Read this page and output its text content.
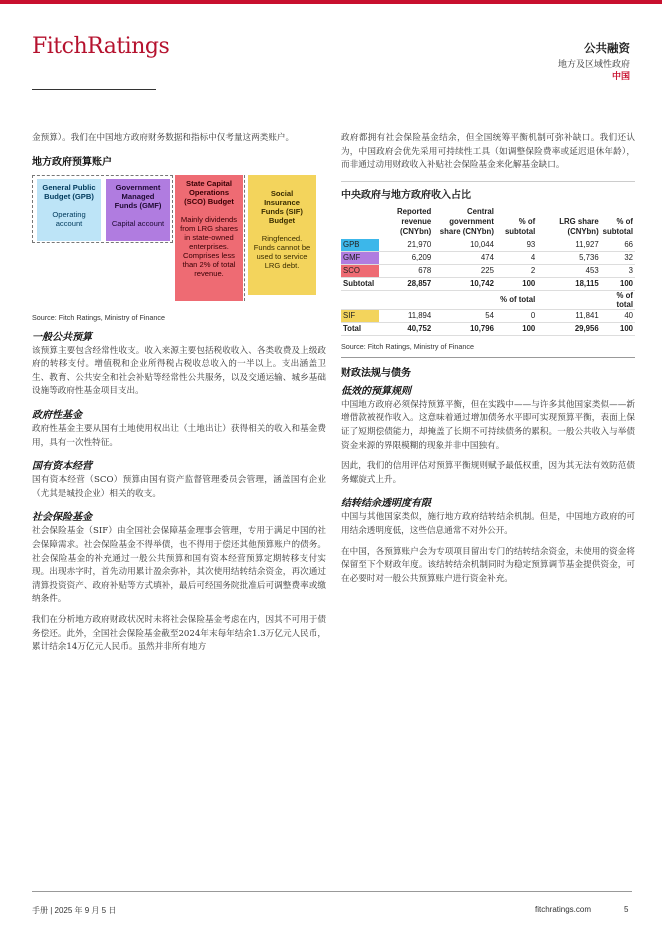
FitchRatings	公共融资
地方及区域性政府
中国

金预算）。我们在中国地方政府财务数据和指标中仅考量这两类账户。

地方政府预算账户
General Public Budget (GPB)
Operating account
Government Managed Funds (GMF)
Capital account
State Capital Operations (SCO) Budget
Mainly dividends from LRG shares in state-owned enterprises. Comprises less than 2% of total revenue.
Social Insurance Funds (SIF) Budget
Ringfenced. Funds cannot be used to service LRG debt.
Source: Fitch Ratings, Ministry of Finance
一般公共预算

该预算主要包含经常性收支。收入来源主要包括税收收入、各类收费及上级政府的转移支付。增值税和企业所得税占税收总收入的一半以上。支出涵盖卫生、教育、公共安全和社会补贴等经常性公共服务，以及交通运输、城乡基础设施等政府性基金项目支出。

政府性基金

政府性基金主要从国有土地使用权出让（土地出让）获得相关的收入和基金费用，具有一次性特征。

国有资本经营

国有资本经营（SCO）预算由国有资产监督管理委员会管理，涵盖国有企业（尤其是城投企业）相关的收支。

社会保险基金

社会保险基金（SIF）由全国社会保障基金理事会管理，专用于满足中国的社会保障需求。社会保险基金不得举债，也不得用于偿还其他预算账户的债务。社会保险基金的补充通过一般公共预算和国有资本经营预算定期转移支付实现。出现赤字时，首先动用累计盈余弥补，其次使用结转结余资金，再次通过清算投资资产、政府补贴等方式填补，最后可经国务院批准后可调整费率或缴纳条件。

我们在分析地方政府财政状况时未将社会保险基金考虑在内，因其不可用于债务偿还。此外，全国社会保险基金截至2024年末每年结余1.3万亿元人民币，累计结余14万亿元人民币。虽然并非所有地方

政府都拥有社会保险基金结余，但全国统筹平衡机制可弥补缺口。我们还认为，中国政府会优先采用可持续性工具（如调整保险费率或延迟退休年龄），而非通过动用财政收入补贴社会保险基金来化解基金缺口。

中央政府与地方政府收入占比
	Reported revenue (CNYbn)	Central government share (CNYbn)	% of subtotal	LRG share (CNYbn)	% of subtotal
GPB	21,970	10,044	93	11,927	66
GMF	6,209	474	4	5,736	32
SCO	678	225	2	453	3
Subtotal	28,857	10,742	100	18,115	100
			% of total		% of total
SIF	11,894	54	0	11,841	40
Total	40,752	10,796	100	29,956	100
Source: Fitch Ratings, Ministry of Finance
财政法规与债务
低效的预算规则

中国地方政府必须保持预算平衡，但在实践中——与许多其他国家类似——新增借款被视作收入。这意味着通过增加债务水平即可实现预算平衡，表面上保证了短期偿债能力，却掩盖了长期不可持续债务的累积。一般公共收入与举债资金来源的界限模糊的现象并非中国独有。

因此，我们的信用评估对预算平衡规则赋予最低权重，因为其无法有效防范债务螺旋式上升。

结转结余透明度有限

中国与其他国家类似，施行地方政府结转结余机制。但是，中国地方政府的可用结余透明度低，这些信息通常不对外公开。

在中国，各预算账户会为专项项目留出专门的结转结余资金，未使用的资金将保留至下个财政年度。该结转结余机制同时为稳定预算调节基金提供资金，可在必要时对一般公共预算账户进行资金补充。

手册 | 2025 年 9 月 5 日	fitchratings.com	5
